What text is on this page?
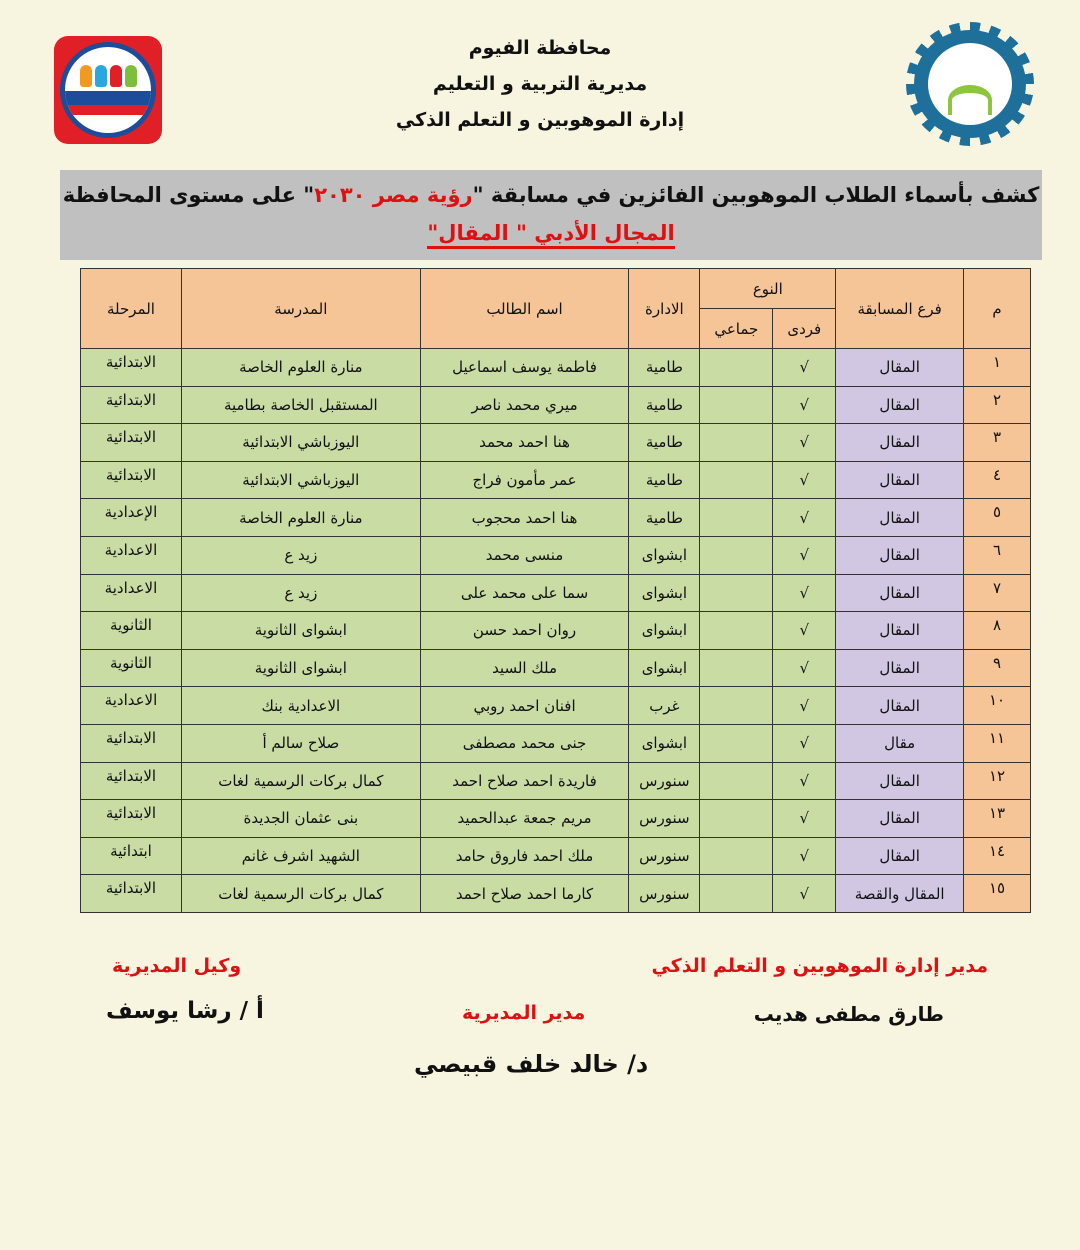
محافظة الفيوم
مديرية التربية و التعليم
إدارة الموهوبين و التعلم الذكي
كشف بأسماء الطلاب الموهوبين الفائزين في مسابقة "رؤية مصر ٢٠٣٠" على مستوى المحافظة
المجال الأدبي " المقال"
م	فرع المسابقة	النوع		الادارة	اسم الطالب	المدرسة	المرحلة
		فردى	جماعي				
١	المقال	√		طامية	فاطمة يوسف اسماعيل	منارة العلوم الخاصة	الابتدائية
٢	المقال	√		طامية	ميري محمد ناصر	المستقبل الخاصة بطامية	الابتدائية
٣	المقال	√		طامية	هنا احمد محمد	اليوزباشي الابتدائية	الابتدائية
٤	المقال	√		طامية	عمر مأمون فراج	اليوزباشي الابتدائية	الابتدائية
٥	المقال	√		طامية	هنا احمد محجوب	منارة العلوم الخاصة	الإعدادية
٦	المقال	√		ابشواى	منسى محمد	زيد ع	الاعدادية
٧	المقال	√		ابشواى	سما على محمد على	زيد ع	الاعدادية
٨	المقال	√		ابشواى	روان احمد حسن	ابشواى الثانوية	الثانوية
٩	المقال	√		ابشواى	ملك السيد	ابشواى الثانوية	الثانوية
١٠	المقال	√		غرب	افنان احمد روبي	الاعدادية بنك	الاعدادية
١١	مقال	√		ابشواى	جنى محمد مصطفى	صلاح سالم أ	الابتدائية
١٢	المقال	√		سنورس	فاريدة احمد صلاح احمد	كمال بركات الرسمية لغات	الابتدائية
١٣	المقال	√		سنورس	مريم جمعة عبدالحميد	بنى عثمان الجديدة	الابتدائية
١٤	المقال	√		سنورس	ملك احمد فاروق حامد	الشهيد اشرف غانم	ابتدائية
١٥	المقال والقصة	√		سنورس	كارما احمد صلاح احمد	كمال بركات الرسمية لغات	الابتدائية
مدير إدارة الموهوبين و التعلم الذكي
وكيل المديرية
طارق مطفى هديب
مدير المديرية
أ / رشا يوسف
د/ خالد خلف قبيصي
